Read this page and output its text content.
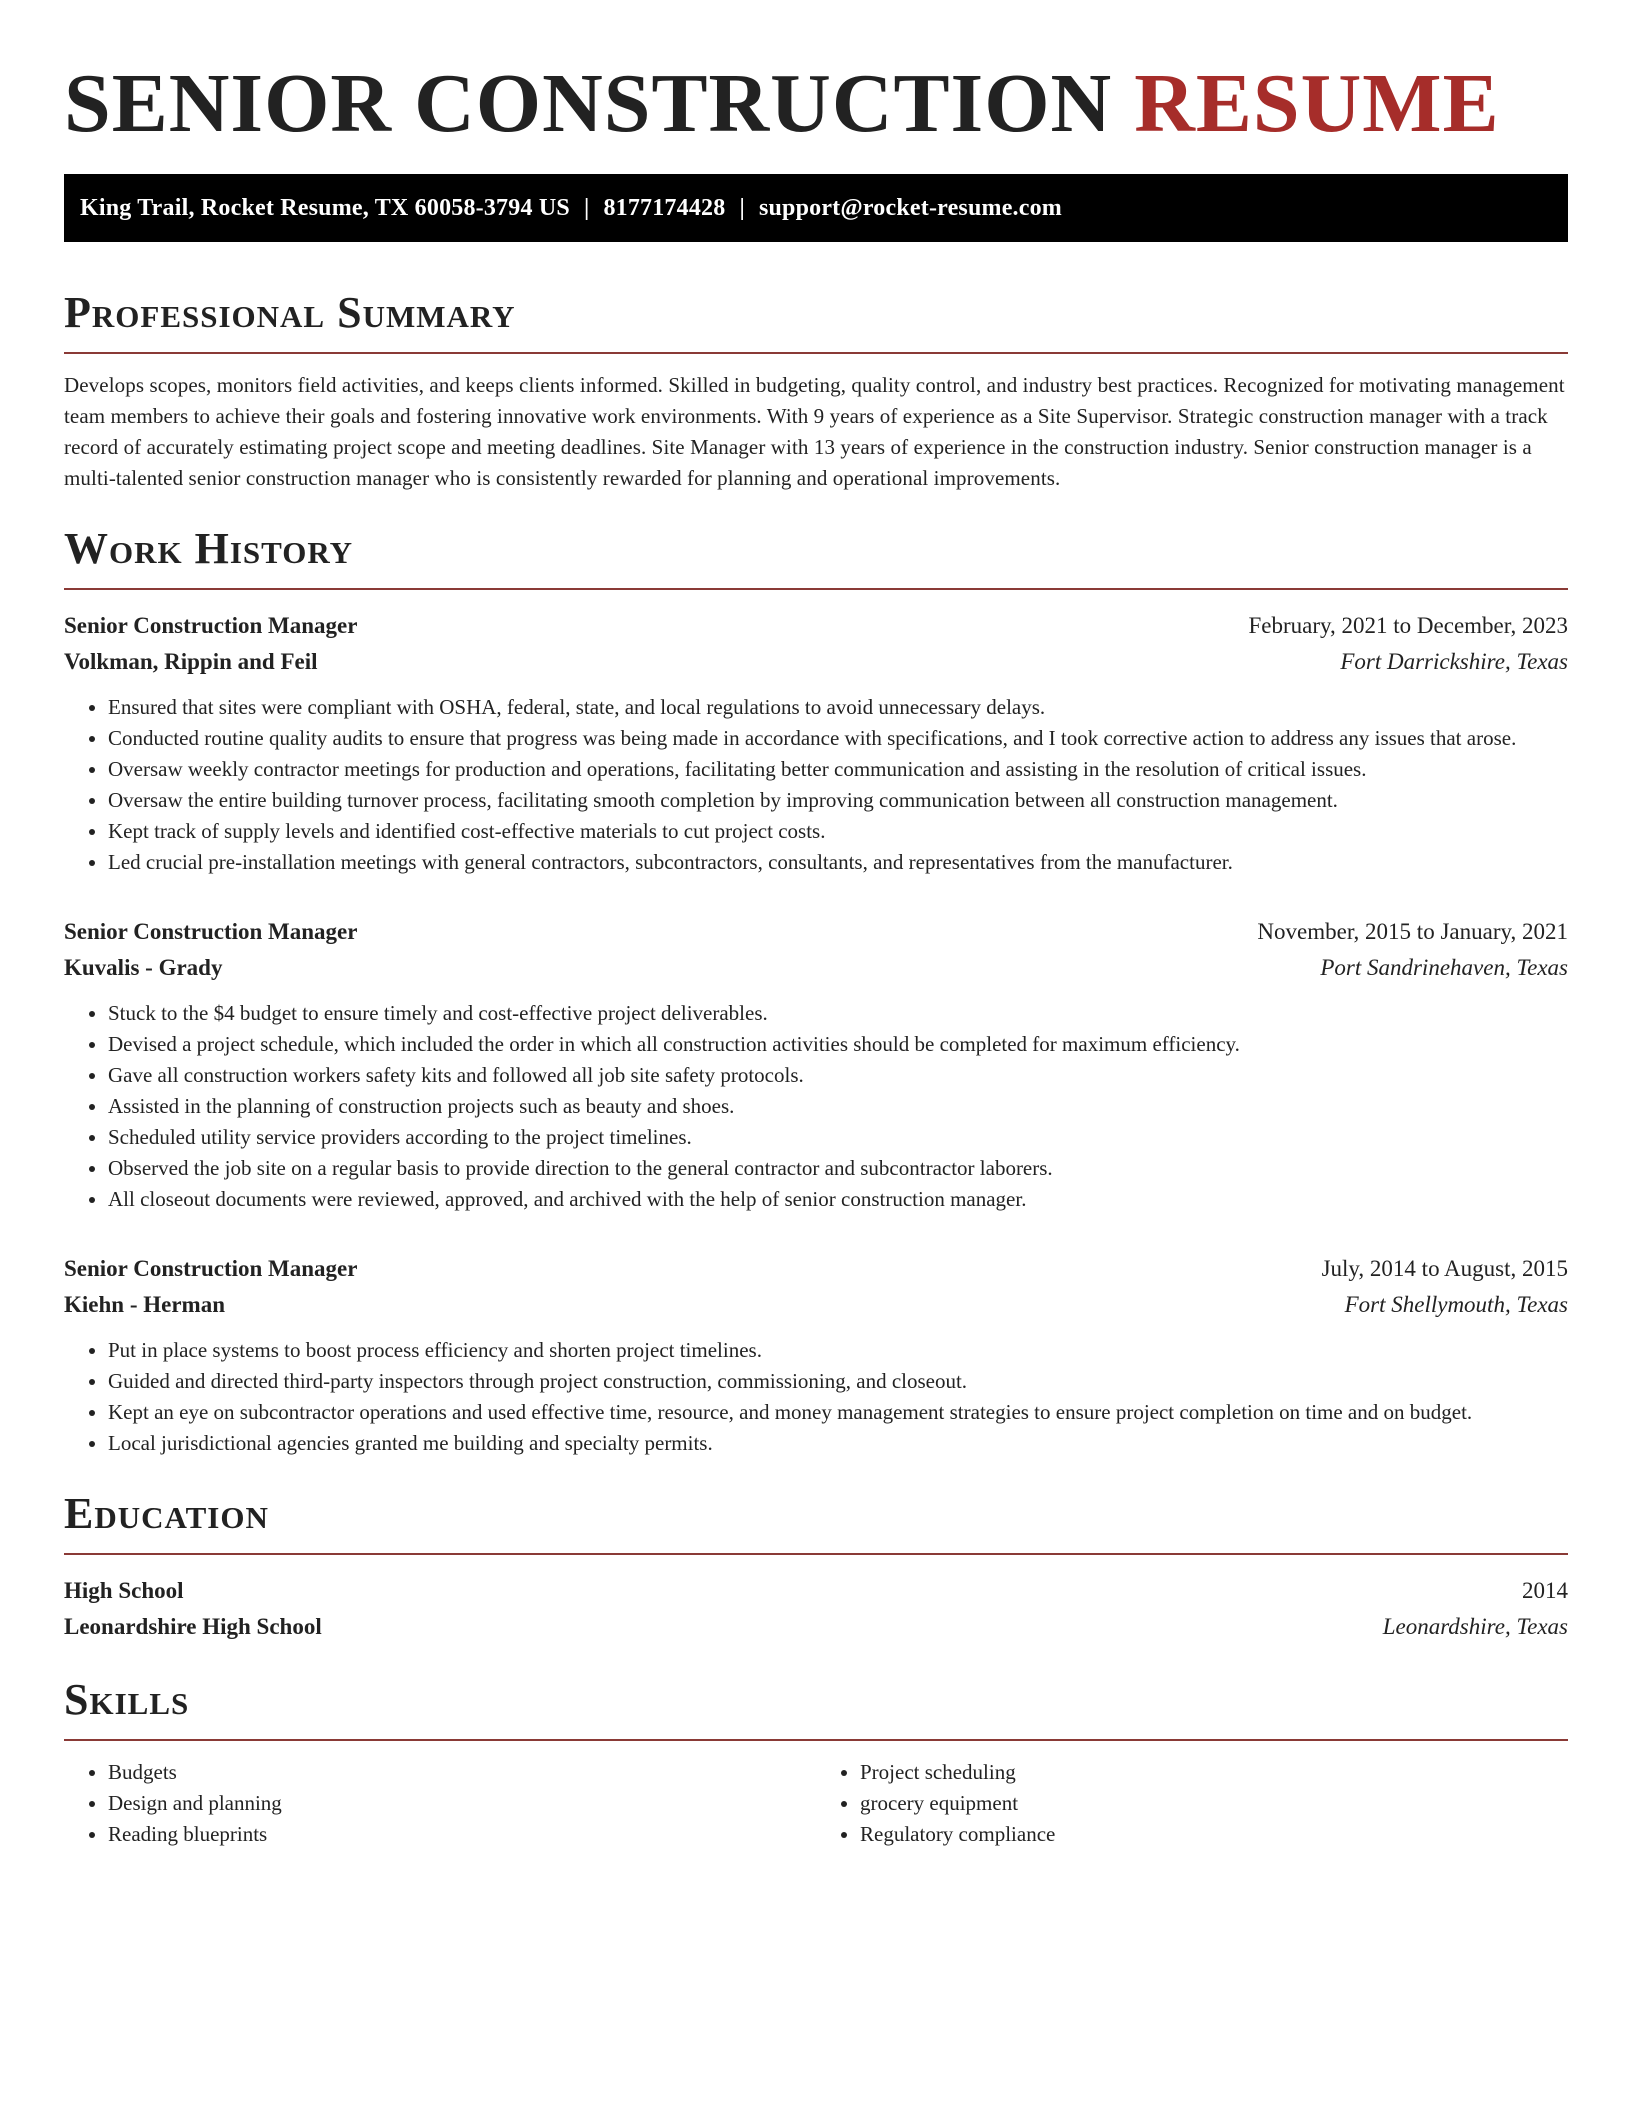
SENIOR CONSTRUCTION RESUME
King Trail, Rocket Resume, TX 60058-3794 US | 8177174428 | support@rocket-resume.com
Professional Summary

Develops scopes, monitors field activities, and keeps clients informed. Skilled in budgeting, quality control, and industry best practices. Recognized for motivating management team members to achieve their goals and fostering innovative work environments. With 9 years of experience as a Site Supervisor. Strategic construction manager with a track record of accurately estimating project scope and meeting deadlines. Site Manager with 13 years of experience in the construction industry. Senior construction manager is a multi-talented senior construction manager who is consistently rewarded for planning and operational improvements.

Work History
Senior Construction Manager	February, 2021 to December, 2023
Volkman, Rippin and Feil	Fort Darrickshire, Texas
• Ensured that sites were compliant with OSHA, federal, state, and local regulations to avoid unnecessary delays.
• Conducted routine quality audits to ensure that progress was being made in accordance with specifications, and I took corrective action to address any issues that arose.
• Oversaw weekly contractor meetings for production and operations, facilitating better communication and assisting in the resolution of critical issues.
• Oversaw the entire building turnover process, facilitating smooth completion by improving communication between all construction management.
• Kept track of supply levels and identified cost-effective materials to cut project costs.
• Led crucial pre-installation meetings with general contractors, subcontractors, consultants, and representatives from the manufacturer.
Senior Construction Manager	November, 2015 to January, 2021
Kuvalis - Grady	Port Sandrinehaven, Texas
• Stuck to the $4 budget to ensure timely and cost-effective project deliverables.
• Devised a project schedule, which included the order in which all construction activities should be completed for maximum efficiency.
• Gave all construction workers safety kits and followed all job site safety protocols.
• Assisted in the planning of construction projects such as beauty and shoes.
• Scheduled utility service providers according to the project timelines.
• Observed the job site on a regular basis to provide direction to the general contractor and subcontractor laborers.
• All closeout documents were reviewed, approved, and archived with the help of senior construction manager.
Senior Construction Manager	July, 2014 to August, 2015
Kiehn - Herman	Fort Shellymouth, Texas
• Put in place systems to boost process efficiency and shorten project timelines.
• Guided and directed third-party inspectors through project construction, commissioning, and closeout.
• Kept an eye on subcontractor operations and used effective time, resource, and money management strategies to ensure project completion on time and on budget.
• Local jurisdictional agencies granted me building and specialty permits.
Education
High School	2014
Leonardshire High School	Leonardshire, Texas
Skills
• Budgets
• Design and planning
• Reading blueprints
• Project scheduling
• grocery equipment
• Regulatory compliance
